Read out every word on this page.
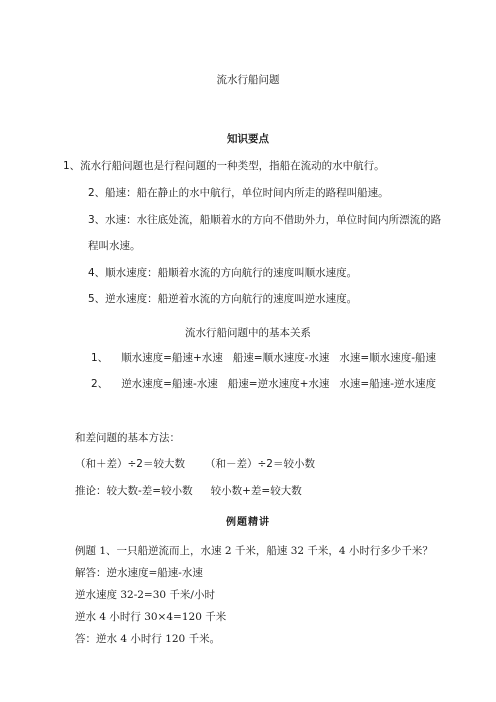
流水行船问题
知识要点
1、流水行船问题也是行程问题的一种类型，指船在流动的水中航行。
2、船速：船在静止的水中航行，单位时间内所走的路程叫船速。
3、水速：水往底处流，船顺着水的方向不借助外力，单位时间内所漂流的路
程叫水速。
4、顺水速度：船顺着水流的方向航行的速度叫顺水速度。
5、逆水速度：船逆着水流的方向航行的速度叫逆水速度。
流水行船问题中的基本关系
1、 顺水速度=船速+水速 船速=顺水速度-水速 水速=顺水速度-船速
2、 逆水速度=船速-水速 船速=逆水速度+水速 水速=船速-逆水速度
和差问题的基本方法：
（和＋差）÷2＝较大数 （和－差）÷2＝较小数
推论：较大数-差=较小数 较小数+差=较大数
例题精讲
例题 1、一只船逆流而上，水速 2 千米，船速 32 千米，4 小时行多少千米？
解答：逆水速度=船速-水速
逆水速度 32-2=30 千米/小时
逆水 4 小时行 30×4=120 千米
答：逆水 4 小时行 120 千米。
